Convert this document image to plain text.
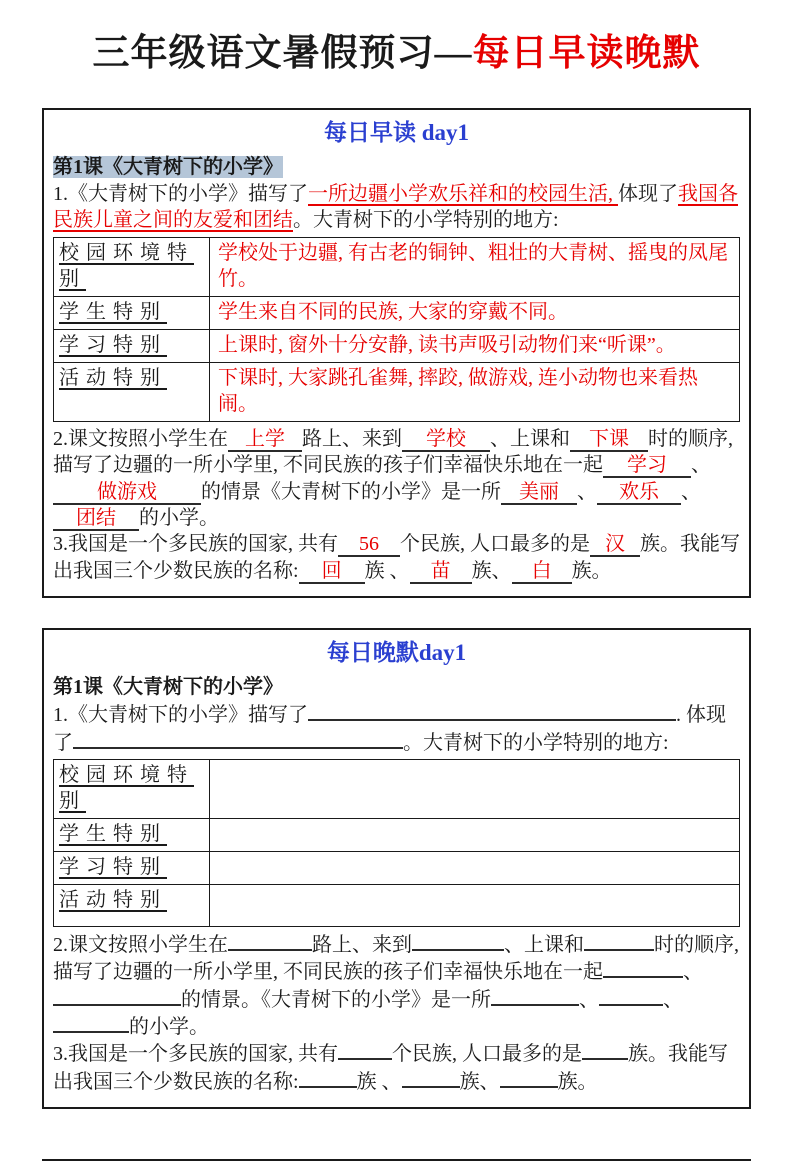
三年级语文暑假预习—每日早读晚默
每日早读 day1

第1课《大青树下的小学》

1.《大青树下的小学》描写了一所边疆小学欢乐祥和的校园生活, 体现了我国各民族儿童之间的友爱和团结。大青树下的小学特别的地方:

校园环境特别	学校处于边疆, 有古老的铜钟、粗壮的大青树、摇曳的凤尾竹。
学生特别	学生来自不同的民族, 大家的穿戴不同。
学习特别	上课时, 窗外十分安静, 读书声吸引动物们来“听课”。
活动特别	下课时, 大家跳孔雀舞, 摔跤, 做游戏, 连小动物也来看热闹。

2.课文按照小学生在 上学 路上、来到 学校 、上课和 下课 时的顺序, 描写了边疆的一所小学里, 不同民族的孩子们幸福快乐地在一起 学习 、做游戏 的情景《大青树下的小学》是一所 美丽 、 欢乐 、团结 的小学。

3.我国是一个多民族的国家, 共有 56 个民族, 人口最多的是 汉 族。我能写出我国三个少数民族的名称: 回 族 、 苗 族、 白 族。

每日晚默day1

第1课《大青树下的小学》

1.《大青树下的小学》描写了	. 体现了	。大青树下的小学特别的地方:

校园环境特别	
学生特别	
学习特别	
活动特别	

2.课文按照小学生在	路上、来到	、上课和	时的顺序, 描写了边疆的一所小学里, 不同民族的孩子们幸福快乐地在一起	、的情景。《大青树下的小学》是一所	、	、的小学。

3.我国是一个多民族的国家, 共有	个民族, 人口最多的是 族。我能写出我国三个少数民族的名称:	族 、	族、	族。
